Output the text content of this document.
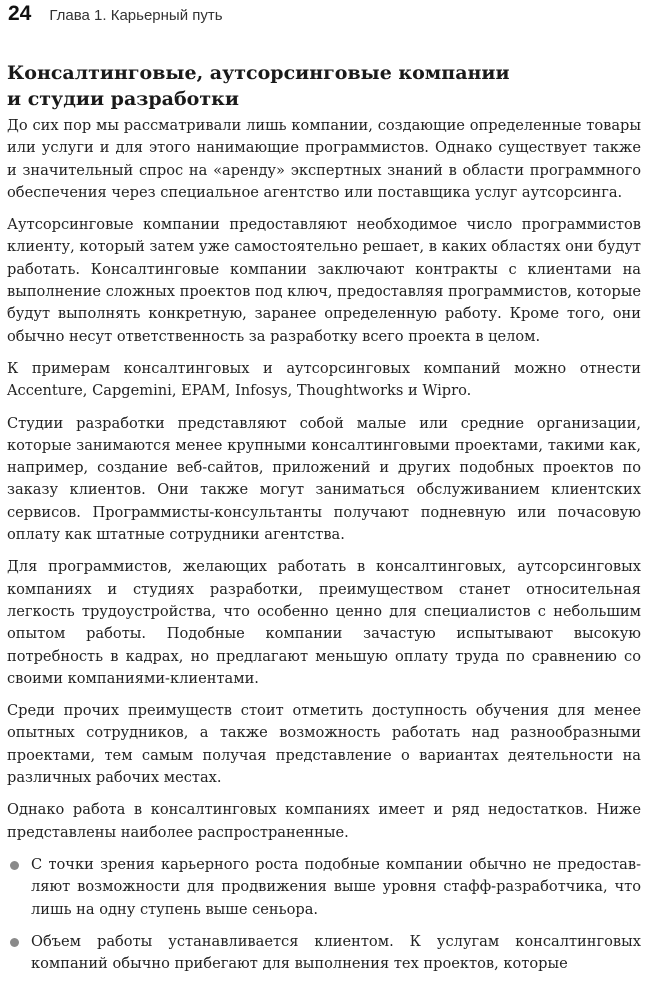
24 Глава 1. Карьерный путь
Консалтинговые, аутсорсинговые компании
и студии разработки

До сих пор мы рассматривали лишь компании, создающие определенные товары или услуги и для этого нанимающие программистов. Однако существует также и значительный спрос на «аренду» экспертных знаний в области программного обеспечения через специальное агентство или поставщика услуг аутсорсинга.

Аутсорсинговые компании предоставляют необходимое число программистов клиенту, который затем уже самостоятельно решает, в каких областях они будут работать. Консалтинговые компании заключают контракты с клиентами на выполнение сложных проектов под ключ, предоставляя программистов, которые будут выполнять конкретную, заранее определенную работу. Кроме того, они обычно несут ответственность за разработку всего проекта в целом.

К примерам консалтинговых и аутсорсинговых компаний можно отнести Accenture, Capgemini, EPAM, Infosys, Thoughtworks и Wipro.

Студии разработки представляют собой малые или средние организации, которые занимаются менее крупными консалтинговыми проектами, такими как, например, создание веб-сайтов, приложений и других подобных проектов по заказу клиентов. Они также могут заниматься обслуживанием клиентских сервисов. Программисты-консультанты получают подневную или почасовую оплату как штатные сотрудники агентства.

Для программистов, желающих работать в консалтинговых, аутсорсинговых компаниях и студиях разработки, преимуществом станет относительная легкость трудоустройства, что особенно ценно для специалистов с небольшим опытом работы. Подобные компании зачастую испытывают высокую потребность в кадрах, но предлагают меньшую оплату труда по сравнению со своими компаниями-клиентами.

Среди прочих преимуществ стоит отметить доступность обучения для менее опытных сотрудников, а также возможность работать над разнообразными проектами, тем самым получая представление о вариантах деятельности на различных рабочих местах.

Однако работа в консалтинговых компаниях имеет и ряд недостатков. Ниже представлены наиболее распространенные.

С точки зрения карьерного роста подобные компании обычно не предоставляют возможности для продвижения выше уровня стафф-разработчика, что лишь на одну ступень выше сеньора.
Объем работы устанавливается клиентом. К услугам консалтинговых компаний обычно прибегают для выполнения тех проектов, которые
